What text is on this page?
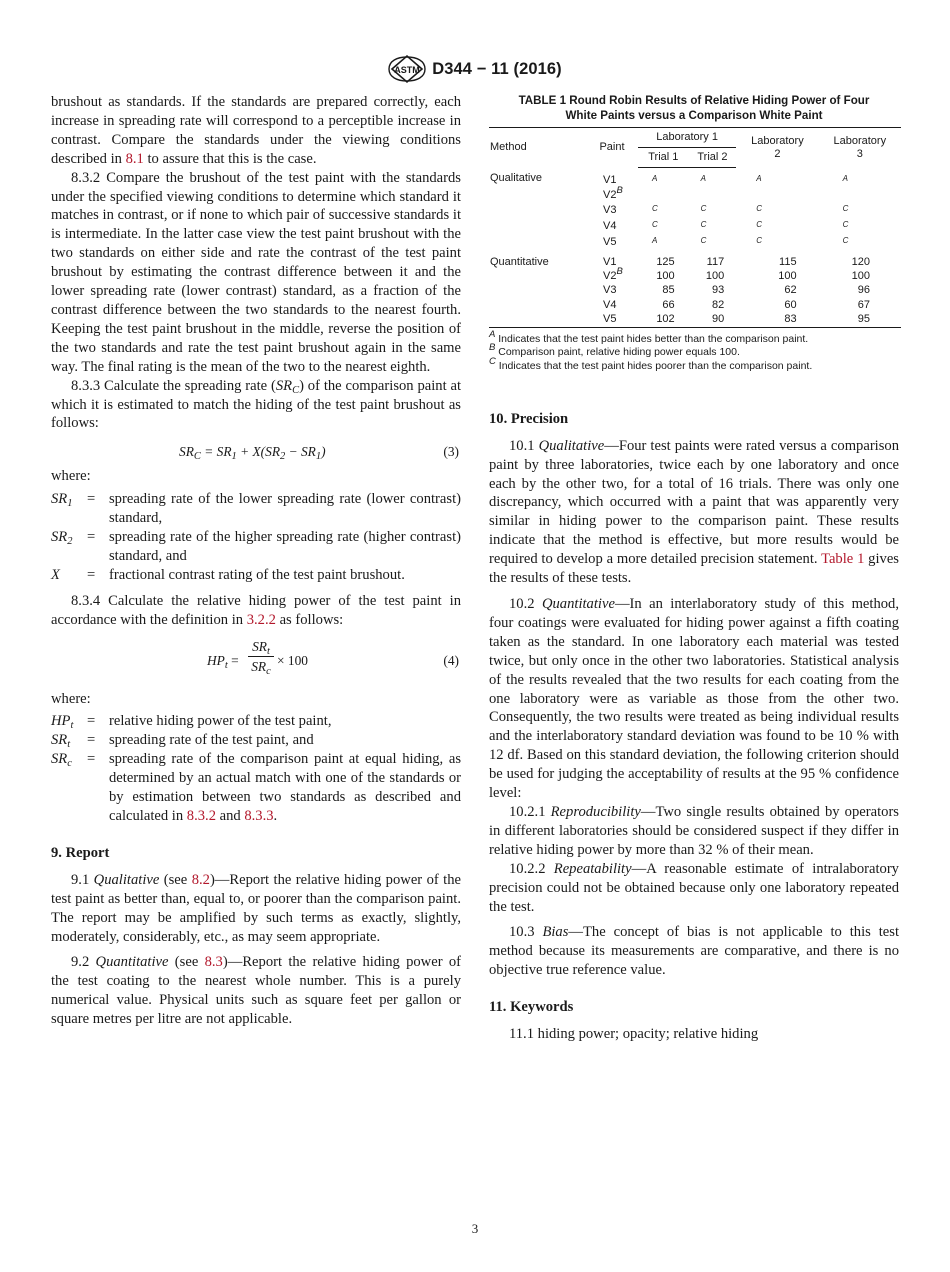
ASTM D344 − 11 (2016)

brushout as standards. If the standards are prepared correctly, each increase in spreading rate will correspond to a perceptible increase in contrast. Compare the standards under the viewing conditions described in 8.1 to assure that this is the case.

8.3.2 Compare the brushout of the test paint with the standards under the specified viewing conditions to determine which standard it matches in contrast, or if none to which pair of successive standards it is intermediate. In the latter case view the test paint brushout with the two standards on either side and rate the contrast of the test paint brushout by estimating the contrast difference between it and the lower spreading rate (lower contrast) standard, as a fraction of the contrast difference between the two standards to the nearest fourth. Keeping the test paint brushout in the middle, reverse the position of the two standards and rate the test paint brushout again in the same way. The final rating is the mean of the two to the nearest eighth.

8.3.3 Calculate the spreading rate $(SR_C)$ of the comparison paint at which it is estimated to match the hiding of the test paint brushout as follows:

$SR_C = SR_1 + X(SR_2 - SR_1)$	(3)

where:

$SR_1$ = spreading rate of the lower spreading rate (lower contrast) standard,
$SR_2$ = spreading rate of the higher spreading rate (higher contrast) standard, and
X	= fractional contrast rating of the test paint brushout.

8.3.4 Calculate the relative hiding power of the test paint in accordance with the definition in 3.2.2 as follows:

$HP_t$ =
$SR_t$
$SR_c$
× 100	(4)

where:

$HP_t$ = relative hiding power of the test paint,
$SR_t$	= spreading rate of the test paint, and
$SR_c$	= spreading rate of the comparison paint at equal hiding, as determined by an actual match with one of the standards or by estimation between two standards as described and calculated in 8.3.2 and 8.3.3.

9. Report

9.1 Qualitative (see 8.2)—Report the relative hiding power of the test paint as better than, equal to, or poorer than the comparison paint. The report may be amplified by such terms as exactly, slightly, moderately, considerably, etc., as may seem appropriate.

9.2 Quantitative (see 8.3)—Report the relative hiding power of the test coating to the nearest whole number. This is a purely numerical value. Physical units such as square feet per gallon or square metres per litre are not applicable.

TABLE 1 Round Robin Results of Relative Hiding Power of Four
White Paints versus a Comparison White Paint
Method	Paint	Laboratory 1		Laboratory
2	Laboratory
3
		Trial 1	Trial 2		
Qualitative	V1	$^A$	$^A$	$^A$	$^A$
	$V2^B$				
	V3	$^C$	$^C$	$^C$	$^C$
	V4	$^C$	$^C$	$^C$	$^C$
	V5	$^A$	$^C$	$^C$	$^C$
Quantitative	V1	125	117	115	120
	$V2^B$	100	100	100	100
	V3	85	93	62	96
	V4	66	82	60	67
	V5	102	90	83	95
$^A$ Indicates that the test paint hides better than the comparison paint.
$^B$ Comparison paint, relative hiding power equals 100.
$^C$ Indicates that the test paint hides poorer than the comparison paint.

10. Precision

10.1 Qualitative—Four test paints were rated versus a comparison paint by three laboratories, twice each by one laboratory and once each by the other two, for a total of 16 trials. There was only one discrepancy, which occurred with a paint that was apparently very similar in hiding power to the comparison paint. These results indicate that the method is effective, but more results would be required to develop a more detailed precision statement. Table 1 gives the results of these tests.

10.2 Quantitative—In an interlaboratory study of this method, four coatings were evaluated for hiding power against a fifth coating taken as the standard. In one laboratory each material was tested twice, but only once in the other two laboratories. Statistical analysis of the results revealed that the two results for each coating from the one laboratory were as variable as those from the other two. Consequently, the two results were treated as being individual results and the interlaboratory standard deviation was found to be 10 % with 12 df. Based on this standard deviation, the following criterion should be used for judging the acceptability of results at the 95 % confidence level:

10.2.1 Reproducibility—Two single results obtained by operators in different laboratories should be considered suspect if they differ in relative hiding power by more than 32 % of their mean.

10.2.2 Repeatability—A reasonable estimate of intralaboratory precision could not be obtained because only one laboratory repeated the test.

10.3 Bias—The concept of bias is not applicable to this test method because its measurements are comparative, and there is no objective true reference value.

11. Keywords

11.1 hiding power; opacity; relative hiding

3
